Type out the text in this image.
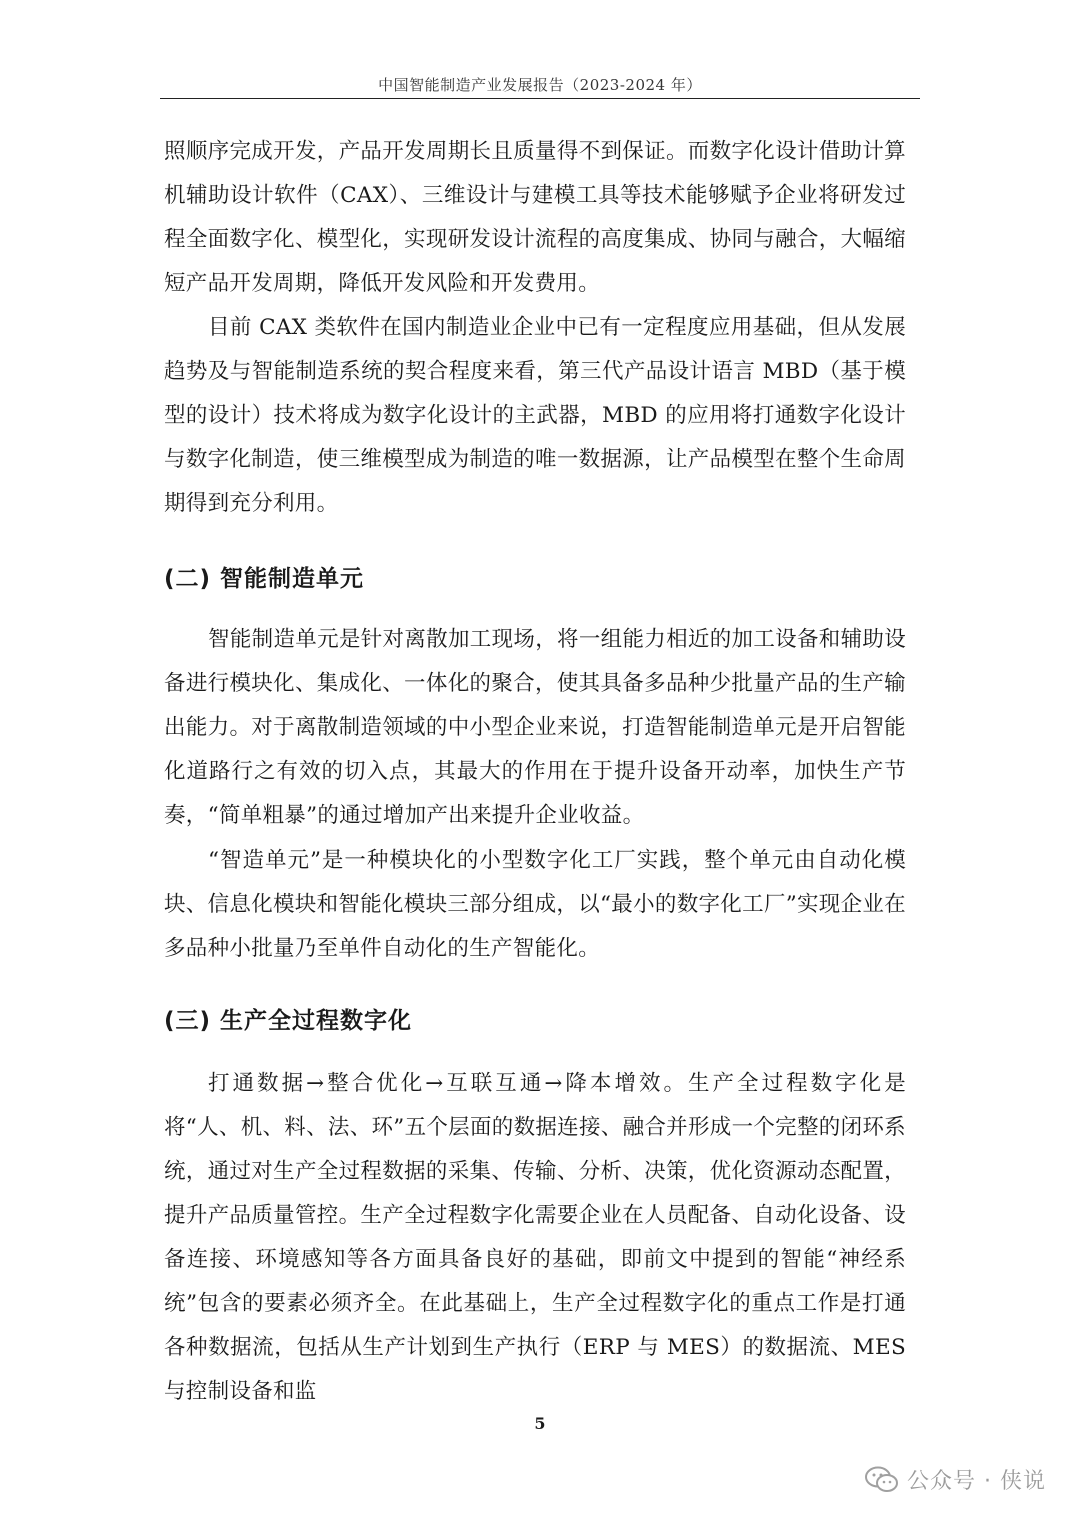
中国智能制造产业发展报告（2023-2024 年）

照顺序完成开发，产品开发周期长且质量得不到保证。而数字化设计借助计算机辅助设计软件（CAX）、三维设计与建模工具等技术能够赋予企业将研发过程全面数字化、模型化，实现研发设计流程的高度集成、协同与融合，大幅缩短产品开发周期，降低开发风险和开发费用。

目前 CAX 类软件在国内制造业企业中已有一定程度应用基础，但从发展趋势及与智能制造系统的契合程度来看，第三代产品设计语言 MBD（基于模型的设计）技术将成为数字化设计的主武器，MBD 的应用将打通数字化设计与数字化制造，使三维模型成为制造的唯一数据源，让产品模型在整个生命周期得到充分利用。

(二) 智能制造单元

智能制造单元是针对离散加工现场，将一组能力相近的加工设备和辅助设备进行模块化、集成化、一体化的聚合，使其具备多品种少批量产品的生产输出能力。对于离散制造领域的中小型企业来说，打造智能制造单元是开启智能化道路行之有效的切入点，其最大的作用在于提升设备开动率，加快生产节奏，“简单粗暴”的通过增加产出来提升企业收益。

“智造单元”是一种模块化的小型数字化工厂实践，整个单元由自动化模块、信息化模块和智能化模块三部分组成，以“最小的数字化工厂”实现企业在多品种小批量乃至单件自动化的生产智能化。

(三) 生产全过程数字化

打通数据→整合优化→互联互通→降本增效。生产全过程数字化是将“人、机、料、法、环”五个层面的数据连接、融合并形成一个完整的闭环系统，通过对生产全过程数据的采集、传输、分析、决策，优化资源动态配置，提升产品质量管控。生产全过程数字化需要企业在人员配备、自动化设备、设备连接、环境感知等各方面具备良好的基础，即前文中提到的智能“神经系统”包含的要素必须齐全。在此基础上，生产全过程数字化的重点工作是打通各种数据流，包括从生产计划到生产执行（ERP 与 MES）的数据流、MES 与控制设备和监

5
公众号 · 侠说
